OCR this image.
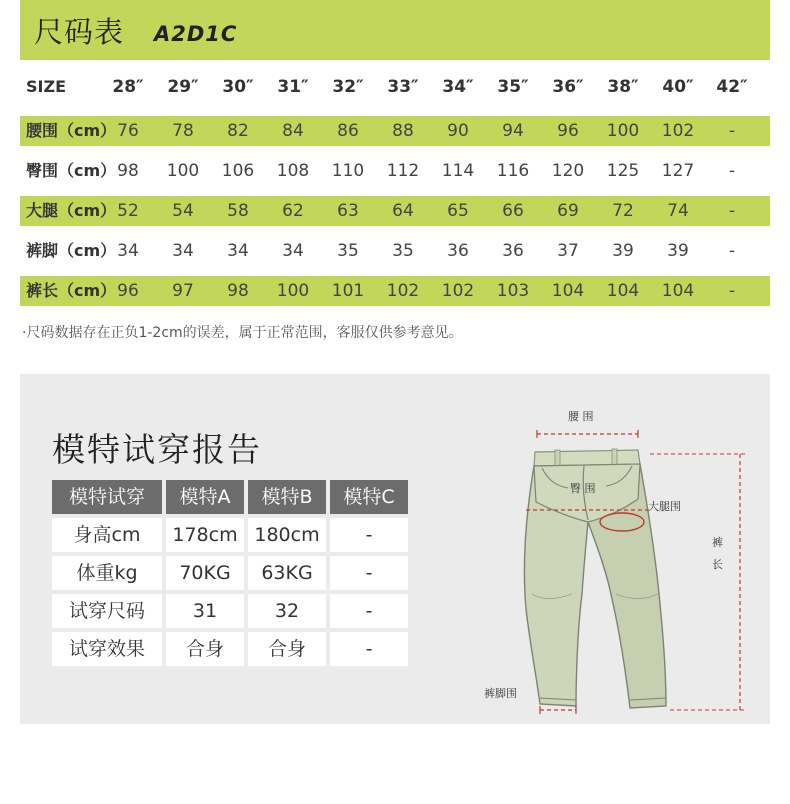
尺码表 A2D1C
SIZE	28″	29″	30″	31″	32″	33″	34″	35″	36″	38″	40″	42″
腰围（cm） 76	78	82	84	86	88	90	94	96	100	102	-
臀围（cm） 98	100	106	108	110	112	114	116	120	125	127	-
大腿（cm） 52	54	58	62	63	64	65	66	69	72	74	-
裤脚（cm） 34	34	34	34	35	35	36	36	37	39	39	-
裤长（cm） 96	97	98	100	101	102	102	103	104	104	104	-
·尺码数据存在正负1-2cm的误差，属于正常范围，客服仅供参考意见。
模特试穿报告
模特试穿	模特A	模特B	模特C
身高cm	178cm 180cm	-
体重kg	70KG	63KG	-
试穿尺码	31	32	-
试穿效果	合身	合身	-
腰 围
臀 围
大腿围
裤
长
裤脚围
